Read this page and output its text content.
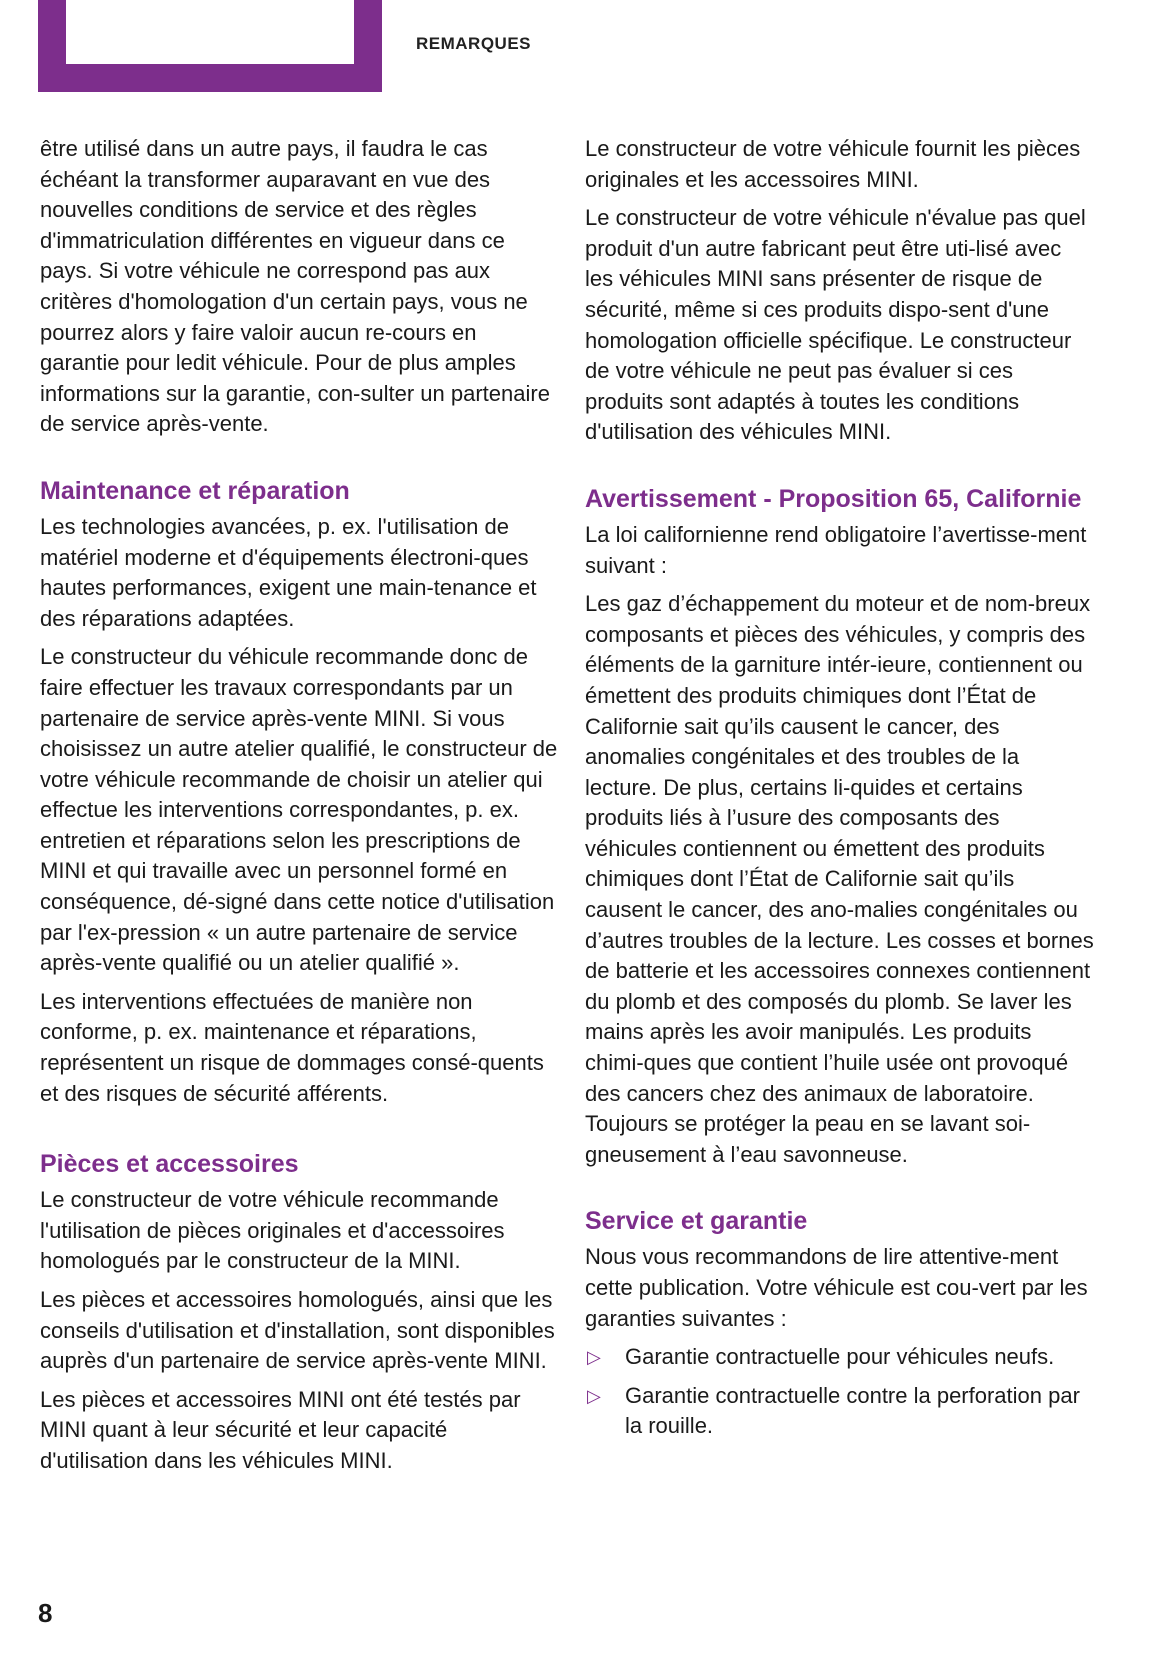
REMARQUES

être utilisé dans un autre pays, il faudra le cas échéant la transformer auparavant en vue des nouvelles conditions de service et des règles d'immatriculation différentes en vigueur dans ce pays. Si votre véhicule ne correspond pas aux critères d'homologation d'un certain pays, vous ne pourrez alors y faire valoir aucun re-cours en garantie pour ledit véhicule. Pour de plus amples informations sur la garantie, con-sulter un partenaire de service après-vente.

Maintenance et réparation

Les technologies avancées, p. ex. l'utilisation de matériel moderne et d'équipements électroni-ques hautes performances, exigent une main-tenance et des réparations adaptées.

Le constructeur du véhicule recommande donc de faire effectuer les travaux correspondants par un partenaire de service après-vente MINI. Si vous choisissez un autre atelier qualifié, le constructeur de votre véhicule recommande de choisir un atelier qui effectue les interventions correspondantes, p. ex. entretien et réparations selon les prescriptions de MINI et qui travaille avec un personnel formé en conséquence, dé-signé dans cette notice d'utilisation par l'ex-pression « un autre partenaire de service après-vente qualifié ou un atelier qualifié ».

Les interventions effectuées de manière non conforme, p. ex. maintenance et réparations, représentent un risque de dommages consé-quents et des risques de sécurité afférents.

Pièces et accessoires

Le constructeur de votre véhicule recommande l'utilisation de pièces originales et d'accessoires homologués par le constructeur de la MINI.

Les pièces et accessoires homologués, ainsi que les conseils d'utilisation et d'installation, sont disponibles auprès d'un partenaire de service après-vente MINI.

Les pièces et accessoires MINI ont été testés par MINI quant à leur sécurité et leur capacité d'utilisation dans les véhicules MINI.

Le constructeur de votre véhicule fournit les pièces originales et les accessoires MINI.

Le constructeur de votre véhicule n'évalue pas quel produit d'un autre fabricant peut être uti-lisé avec les véhicules MINI sans présenter de risque de sécurité, même si ces produits dispo-sent d'une homologation officielle spécifique. Le constructeur de votre véhicule ne peut pas évaluer si ces produits sont adaptés à toutes les conditions d'utilisation des véhicules MINI.

Avertissement - Proposition 65, Californie

La loi californienne rend obligatoire l’avertisse-ment suivant :

Les gaz d’échappement du moteur et de nom-breux composants et pièces des véhicules, y compris des éléments de la garniture intér-ieure, contiennent ou émettent des produits chimiques dont l’État de Californie sait qu’ils causent le cancer, des anomalies congénitales et des troubles de la lecture. De plus, certains li-quides et certains produits liés à l’usure des composants des véhicules contiennent ou émettent des produits chimiques dont l’État de Californie sait qu’ils causent le cancer, des ano-malies congénitales ou d’autres troubles de la lecture. Les cosses et bornes de batterie et les accessoires connexes contiennent du plomb et des composés du plomb. Se laver les mains après les avoir manipulés. Les produits chimi-ques que contient l’huile usée ont provoqué des cancers chez des animaux de laboratoire. Toujours se protéger la peau en se lavant soi-gneusement à l’eau savonneuse.

Service et garantie

Nous vous recommandons de lire attentive-ment cette publication. Votre véhicule est cou-vert par les garanties suivantes :

▷ Garantie contractuelle pour véhicules neufs.
▷ Garantie contractuelle contre la perforation par la rouille.
8
